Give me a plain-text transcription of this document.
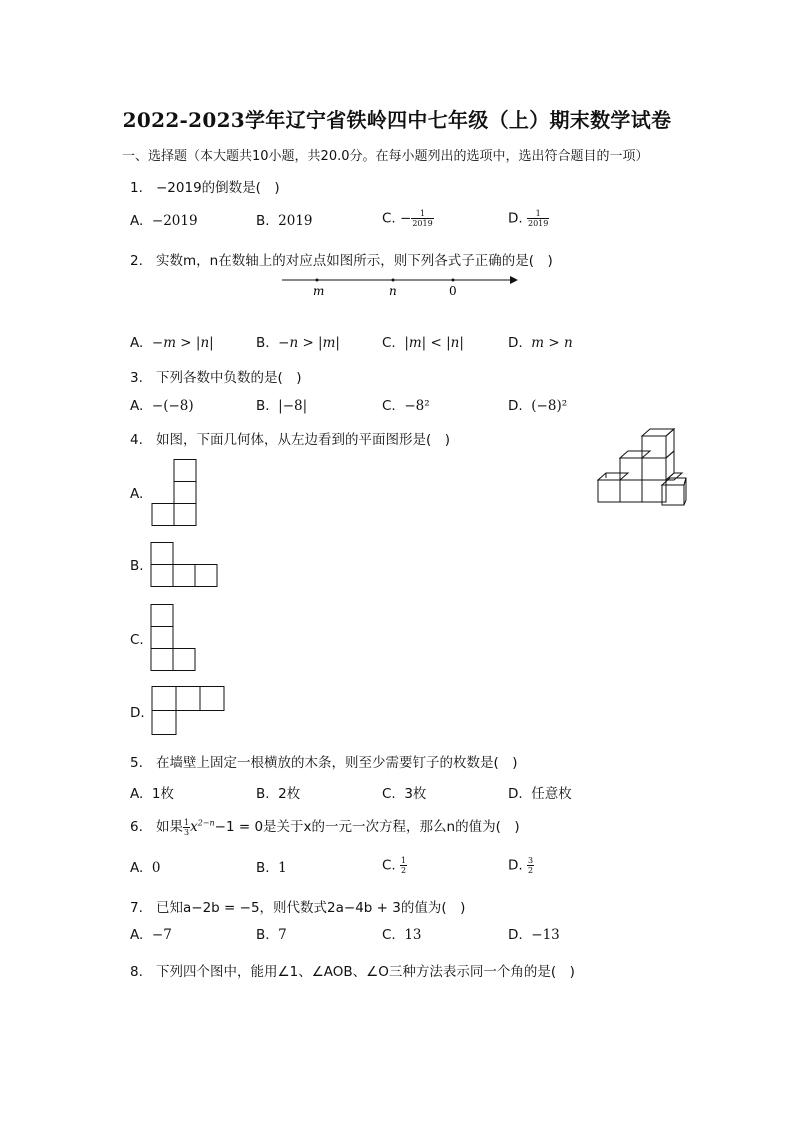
2022-2023学年辽宁省铁岭四中七年级（上）期末数学试卷
一、选择题（本大题共10小题，共20.0分。在每小题列出的选项中，选出符合题目的一项）
1. −2019的倒数是(　)
A. −2019	B. 2019	C. − $\frac{1}{2019}$	D. $\frac{1}{2019}$
2. 实数m，n在数轴上的对应点如图所示，则下列各式子正确的是(　)
m	n	0
A. −m > |n|	B. −n > |m|	C. |m| < |n|	D. m > n
3. 下列各数中负数的是(　)
A. −(−8)	B. |−8|	C. −8²	D. (−8)²
4. 如图，下面几何体，从左边看到的平面图形是(　)
A.
B.
C.
D.
5. 在墙壁上固定一根横放的木条，则至少需要钉子的枚数是(　)
A. 1枚	B. 2枚	C. 3枚	D. 任意枚
6. 如果 $\frac{1}{3} x^{2-n}-1 = 0$是关于x的一元一次方程，那么n的值为(　)
A. 0	B. 1	C. $\frac{1}{2}$	D. $\frac{3}{2}$
7. 已知a−2b = −5，则代数式2a−4b + 3的值为(　)
A. −7	B. 7	C. 13	D. −13
8. 下列四个图中，能用∠1、∠AOB、∠O三种方法表示同一个角的是(　)
